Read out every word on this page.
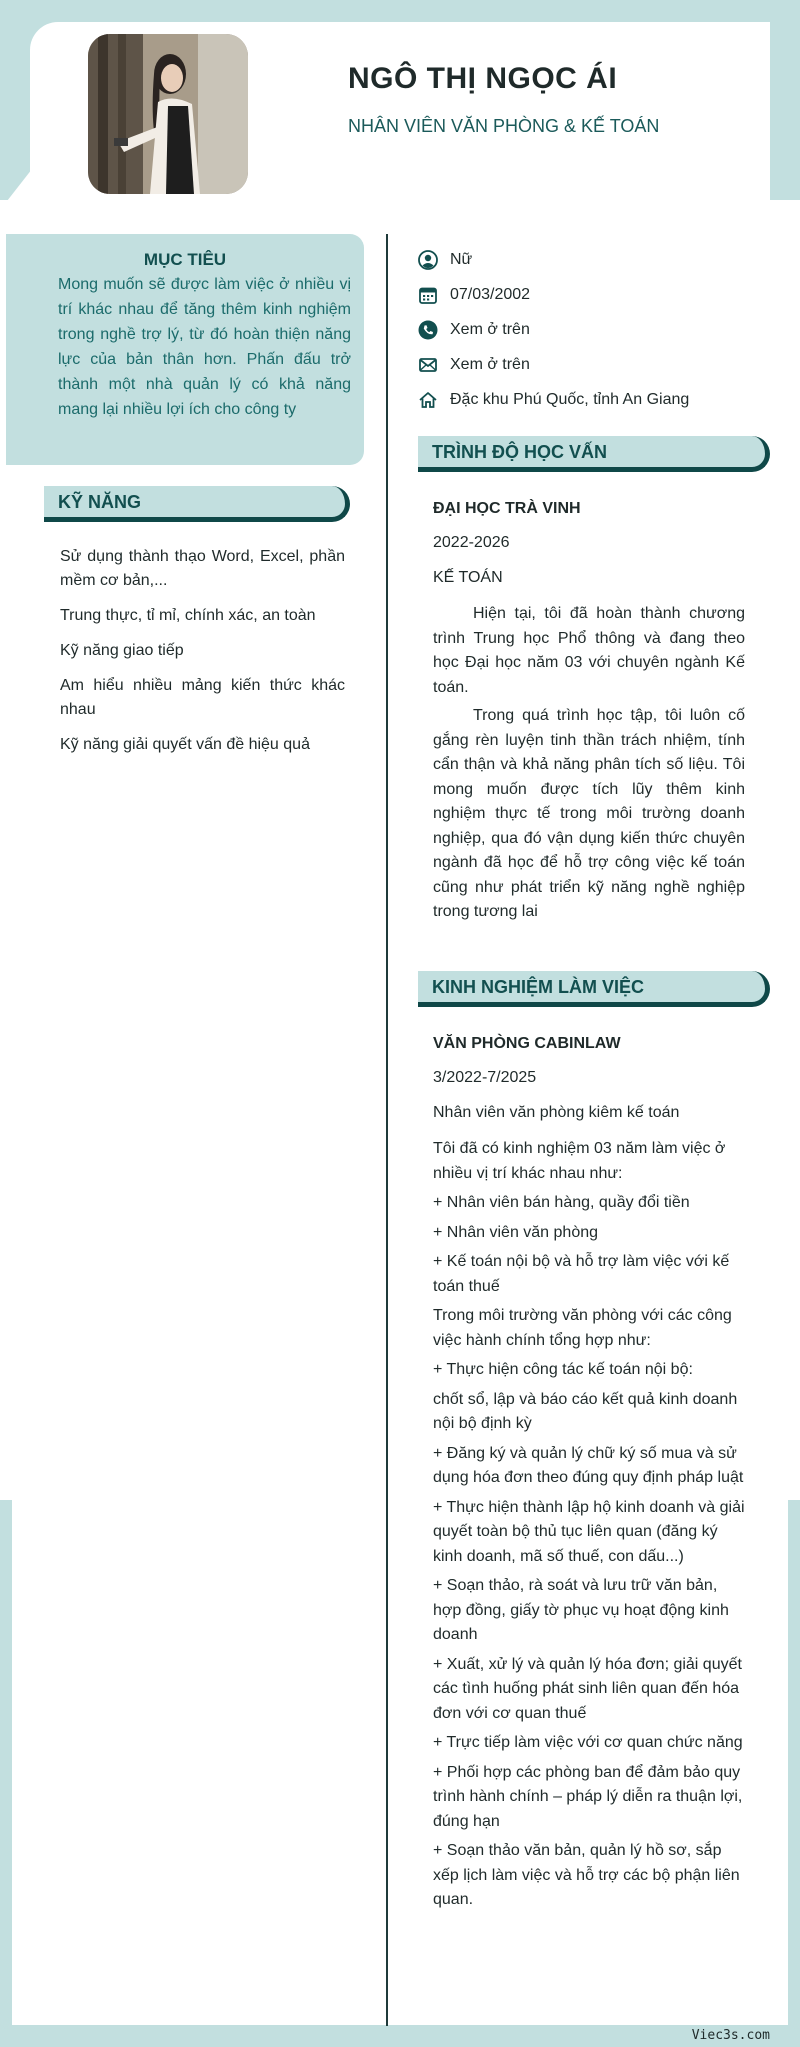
NGÔ THỊ NGỌC ÁI

NHÂN VIÊN VĂN PHÒNG & KẾ TOÁN

MỤC TIÊU

Mong muốn sẽ được làm việc ở nhiều vị trí khác nhau để tăng thêm kinh nghiệm trong nghề trợ lý, từ đó hoàn thiện năng lực của bản thân hơn. Phấn đấu trở thành một nhà quản lý có khả năng mang lại nhiều lợi ích cho công ty

KỸ NĂNG
Sử dụng thành thạo Word, Excel, phần mềm cơ bản,...
Trung thực, tỉ mỉ, chính xác, an toàn
Kỹ năng giao tiếp
Am hiểu nhiều mảng kiến thức khác nhau
Kỹ năng giải quyết vấn đề hiệu quả
Nữ
07/03/2002
Xem ở trên
Xem ở trên
Đặc khu Phú Quốc, tỉnh An Giang
TRÌNH ĐỘ HỌC VẤN

ĐẠI HỌC TRÀ VINH

2022-2026

KẾ TOÁN

Hiện tại, tôi đã hoàn thành chương trình Trung học Phổ thông và đang theo học Đại học năm 03 với chuyên ngành Kế toán.

Trong quá trình học tập, tôi luôn cố gắng rèn luyện tinh thần trách nhiệm, tính cẩn thận và khả năng phân tích số liệu. Tôi mong muốn được tích lũy thêm kinh nghiệm thực tế trong môi trường doanh nghiệp, qua đó vận dụng kiến thức chuyên ngành đã học để hỗ trợ công việc kế toán cũng như phát triển kỹ năng nghề nghiệp trong tương lai

KINH NGHIỆM LÀM VIỆC

VĂN PHÒNG CABINLAW

3/2022-7/2025

Nhân viên văn phòng kiêm kế toán

Tôi đã có kinh nghiệm 03 năm làm việc ở nhiều vị trí khác nhau như:
+ Nhân viên bán hàng, quầy đổi tiền
+ Nhân viên văn phòng
+ Kế toán nội bộ và hỗ trợ làm việc với kế toán thuế
Trong môi trường văn phòng với các công việc hành chính tổng hợp như:
+ Thực hiện công tác kế toán nội bộ:
chốt sổ, lập và báo cáo kết quả kinh doanh nội bộ định kỳ
+ Đăng ký và quản lý chữ ký số mua và sử dụng hóa đơn theo đúng quy định pháp luật
+ Thực hiện thành lập hộ kinh doanh và giải quyết toàn bộ thủ tục liên quan (đăng ký kinh doanh, mã số thuế, con dấu...)
+ Soạn thảo, rà soát và lưu trữ văn bản, hợp đồng, giấy tờ phục vụ hoạt động kinh doanh
+ Xuất, xử lý và quản lý hóa đơn; giải quyết các tình huống phát sinh liên quan đến hóa đơn với cơ quan thuế
+ Trực tiếp làm việc với cơ quan chức năng
+ Phối hợp các phòng ban để đảm bảo quy trình hành chính – pháp lý diễn ra thuận lợi, đúng hạn
+ Soạn thảo văn bản, quản lý hồ sơ, sắp xếp lịch làm việc và hỗ trợ các bộ phận liên quan.
Viec3s.com
